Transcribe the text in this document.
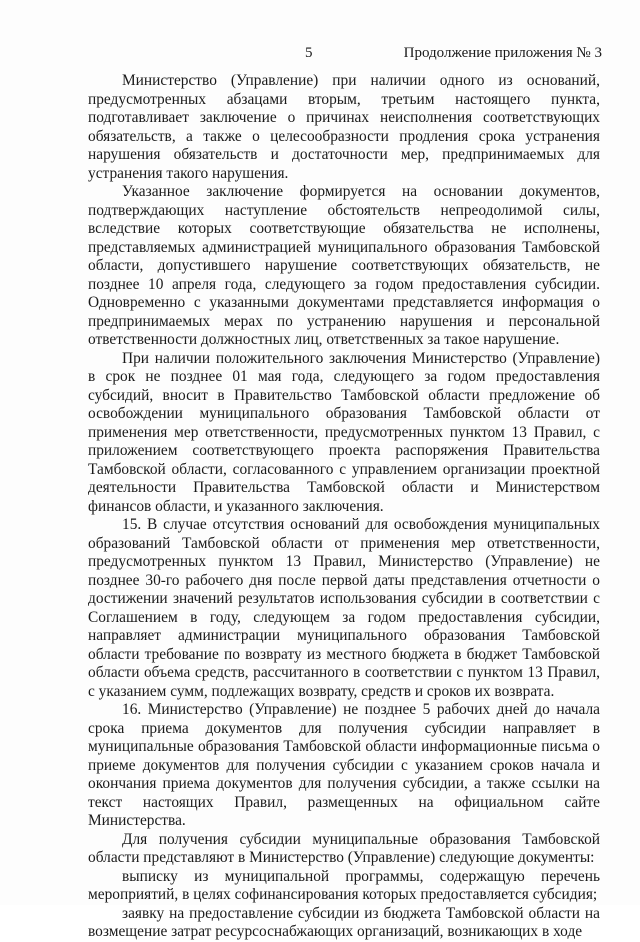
5	Продолжение приложения № 3

Министерство (Управление) при наличии одного из оснований, предусмотренных абзацами вторым, третьим настоящего пункта, подготавливает заключение о причинах неисполнения соответствующих обязательств, а также о целесообразности продления срока устранения нарушения обязательств и достаточности мер, предпринимаемых для устранения такого нарушения.

Указанное заключение формируется на основании документов, подтверждающих наступление обстоятельств непреодолимой силы, вследствие которых соответствующие обязательства не исполнены, представляемых администрацией муниципального образования Тамбовской области, допустившего нарушение соответствующих обязательств, не позднее 10 апреля года, следующего за годом предоставления субсидии. Одновременно с указанными документами представляется информация о предпринимаемых мерах по устранению нарушения и персональной ответственности должностных лиц, ответственных за такое нарушение.

При наличии положительного заключения Министерство (Управление) в срок не позднее 01 мая года, следующего за годом предоставления субсидий, вносит в Правительство Тамбовской области предложение об освобождении муниципального образования Тамбовской области от применения мер ответственности, предусмотренных пунктом 13 Правил, с приложением соответствующего проекта распоряжения Правительства Тамбовской области, согласованного с управлением организации проектной деятельности Правительства Тамбовской области и Министерством финансов области, и указанного заключения.

15. В случае отсутствия оснований для освобождения муниципальных образований Тамбовской области от применения мер ответственности, предусмотренных пунктом 13 Правил, Министерство (Управление) не позднее 30-го рабочего дня после первой даты представления отчетности о достижении значений результатов использования субсидии в соответствии с Соглашением в году, следующем за годом предоставления субсидии, направляет администрации муниципального образования Тамбовской области требование по возврату из местного бюджета в бюджет Тамбовской области объема средств, рассчитанного в соответствии с пунктом 13 Правил, с указанием сумм, подлежащих возврату, средств и сроков их возврата.

16. Министерство (Управление) не позднее 5 рабочих дней до начала срока приема документов для получения субсидии направляет в муниципальные образования Тамбовской области информационные письма о приеме документов для получения субсидии с указанием сроков начала и окончания приема документов для получения субсидии, а также ссылки на текст настоящих Правил, размещенных на официальном сайте Министерства.

Для получения субсидии муниципальные образования Тамбовской области представляют в Министерство (Управление) следующие документы:

выписку из муниципальной программы, содержащую перечень мероприятий, в целях софинансирования которых предоставляется субсидия;

заявку на предоставление субсидии из бюджета Тамбовской области на возмещение затрат ресурсоснабжающих организаций, возникающих в ходе
